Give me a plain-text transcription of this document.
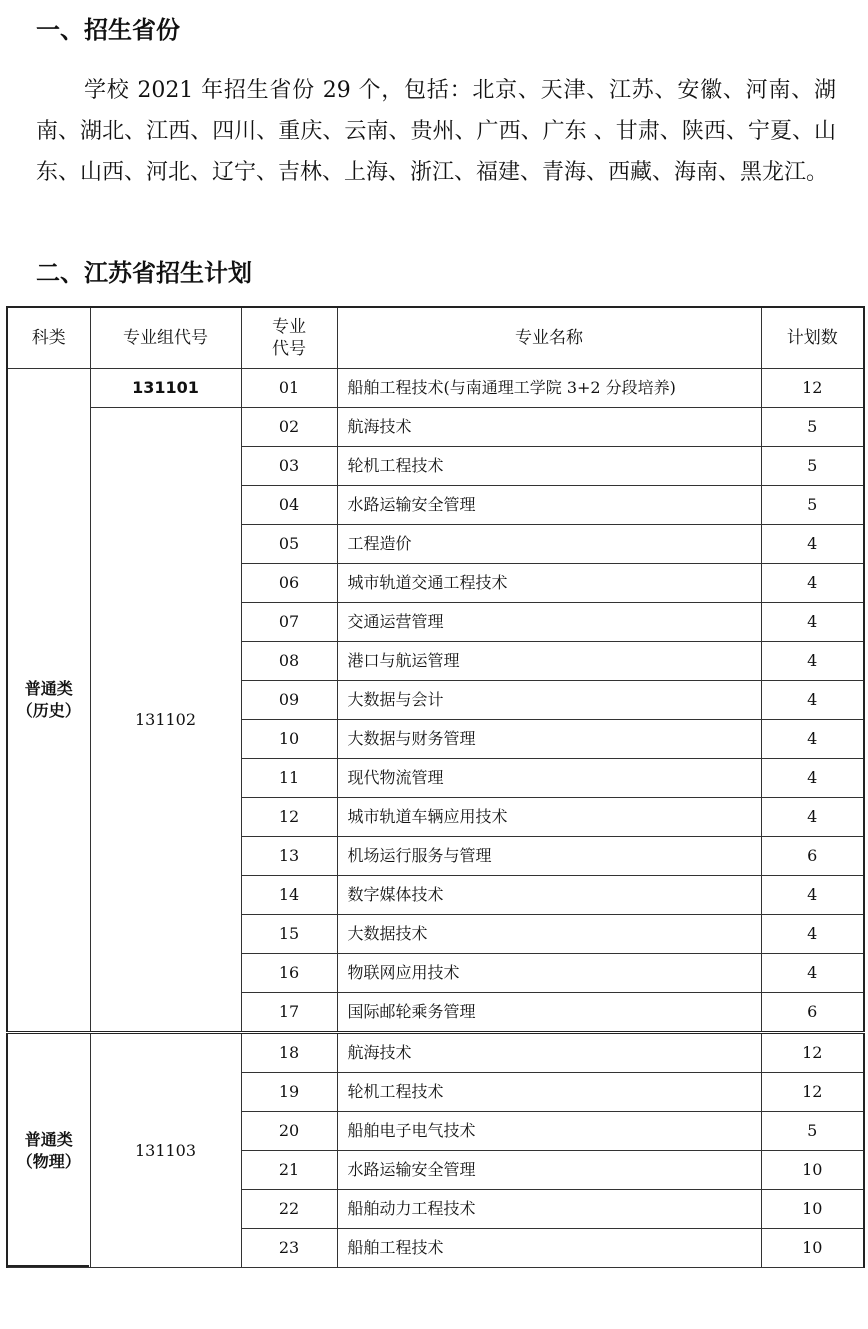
一、招生省份
学校 2021 年招生省份 29 个，包括：北京、天津、江苏、安徽、河南、湖南、湖北、江西、四川、重庆、云南、贵州、广西、广东 、甘肃、陕西、宁夏、山东、山西、河北、辽宁、吉林、上海、浙江、福建、青海、西藏、海南、黑龙江。
二、江苏省招生计划
科类	专业组代号	专业代号	专业名称	计划数
普通类（历史）	131101	01	船舶工程技术(与南通理工学院 3+2 分段培养)	12
	131102	02	航海技术	5
		03	轮机工程技术	5
		04	水路运输安全管理	5
		05	工程造价	4
		06	城市轨道交通工程技术	4
		07	交通运营管理	4
		08	港口与航运管理	4
		09	大数据与会计	4
		10	大数据与财务管理	4
		11	现代物流管理	4
		12	城市轨道车辆应用技术	4
		13	机场运行服务与管理	6
		14	数字媒体技术	4
		15	大数据技术	4
		16	物联网应用技术	4
		17	国际邮轮乘务管理	6
普通类（物理）	131103	18	航海技术	12
		19	轮机工程技术	12
		20	船舶电子电气技术	5
		21	水路运输安全管理	10
		22	船舶动力工程技术	10
		23	船舶工程技术	10
